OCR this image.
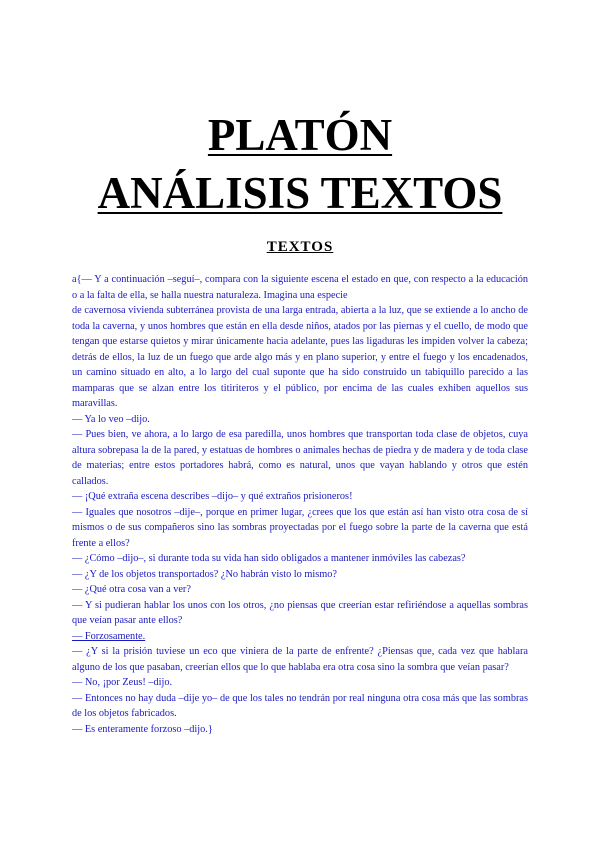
PLATÓN
ANÁLISIS TEXTOS
TEXTOS

a{— Y a continuación –seguí–, compara con la siguiente escena el estado en que, con respecto a la educación o a la falta de ella, se halla nuestra naturaleza. Imagina una especie

de cavernosa vivienda subterránea provista de una larga entrada, abierta a la luz, que se extiende a lo ancho de toda la caverna, y unos hombres que están en ella desde niños, atados por las piernas y el cuello, de modo que tengan que estarse quietos y mirar únicamente hacia adelante, pues las ligaduras les impiden volver la cabeza; detrás de ellos, la luz de un fuego que arde algo más y en plano superior, y entre el fuego y los encadenados, un camino situado en alto, a lo largo del cual suponte que ha sido construido un tabiquillo parecido a las mamparas que se alzan entre los titiriteros y el público, por encima de las cuales exhiben aquellos sus maravillas.

— Ya lo veo –dijo.

— Pues bien, ve ahora, a lo largo de esa paredilla, unos hombres que transportan toda clase de objetos, cuya altura sobrepasa la de la pared, y estatuas de hombres o animales hechas de piedra y de madera y de toda clase de materias; entre estos portadores habrá, como es natural, unos que vayan hablando y otros que estén callados.

— ¡Qué extraña escena describes –dijo– y qué extraños prisioneros!

— Iguales que nosotros –dije–, porque en primer lugar, ¿crees que los que están así han visto otra cosa de sí mismos o de sus compañeros sino las sombras proyectadas por el fuego sobre la parte de la caverna que está frente a ellos?

— ¿Cómo –dijo–, si durante toda su vida han sido obligados a mantener inmóviles las cabezas?

— ¿Y de los objetos transportados? ¿No habrán visto lo mismo?

— ¿Qué otra cosa van a ver?

— Y si pudieran hablar los unos con los otros, ¿no piensas que creerían estar refiriéndose a aquellas sombras que veían pasar ante ellos?

— Forzosamente.

— ¿Y si la prisión tuviese un eco que viniera de la parte de enfrente? ¿Piensas que, cada vez que hablara alguno de los que pasaban, creerían ellos que lo que hablaba era otra cosa sino la sombra que veían pasar?

— No, ¡por Zeus! –dijo.

— Entonces no hay duda –dije yo– de que los tales no tendrán por real ninguna otra cosa más que las sombras de los objetos fabricados.

— Es enteramente forzoso –dijo.}
